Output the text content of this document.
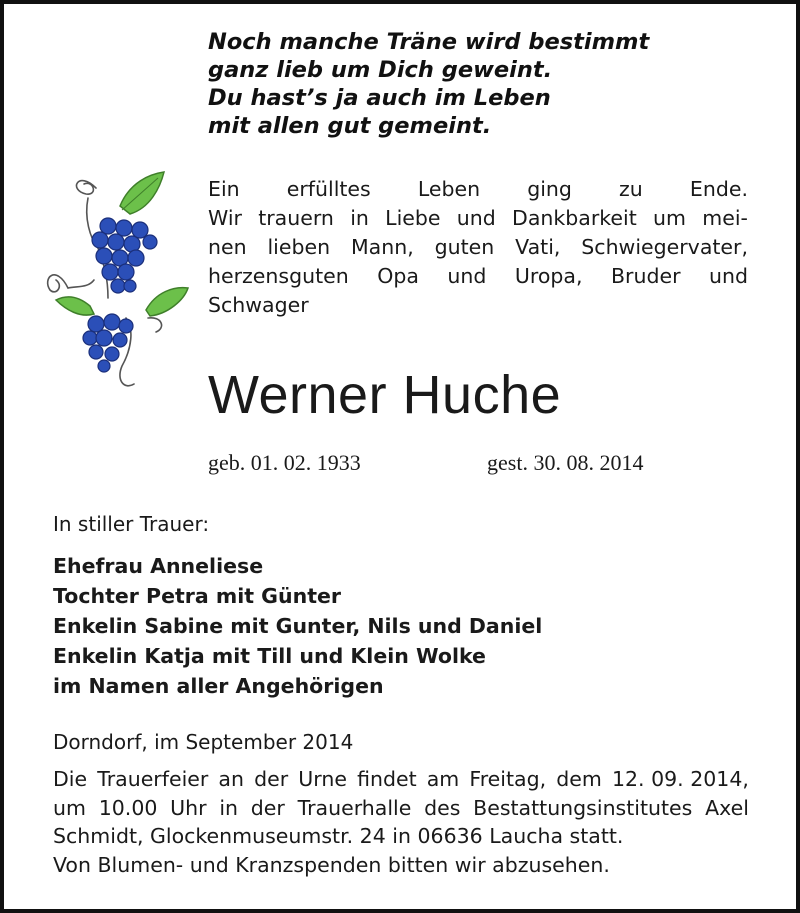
Noch manche Träne wird bestimmt
ganz lieb um Dich geweint.
Du hast’s ja auch im Leben
mit allen gut gemeint.
Ein
erfülltes
Leben
ging
zu
Ende.
Wir trauern in Liebe und Dankbarkeit um mei-
nen lieben Mann, guten Vati, Schwiegervater,
herzensguten Opa und Uropa, Bruder und
Schwager
Werner Huche
geb. 01. 02. 1933	gest. 30. 08. 2014
In stiller Trauer:
Ehefrau Anneliese
Tochter Petra mit Günter
Enkelin Sabine mit Gunter, Nils und Daniel
Enkelin Katja mit Till und Klein Wolke
im Namen aller Angehörigen
Dorndorf, im September 2014
Die Trauerfeier an der Urne findet am Freitag, dem 12. 09. 2014,
um 10.00 Uhr in der Trauerhalle des Bestattungsinstitutes Axel
Schmidt, Glockenmuseumstr. 24 in 06636 Laucha statt.
Von Blumen- und Kranzspenden bitten wir abzusehen.
